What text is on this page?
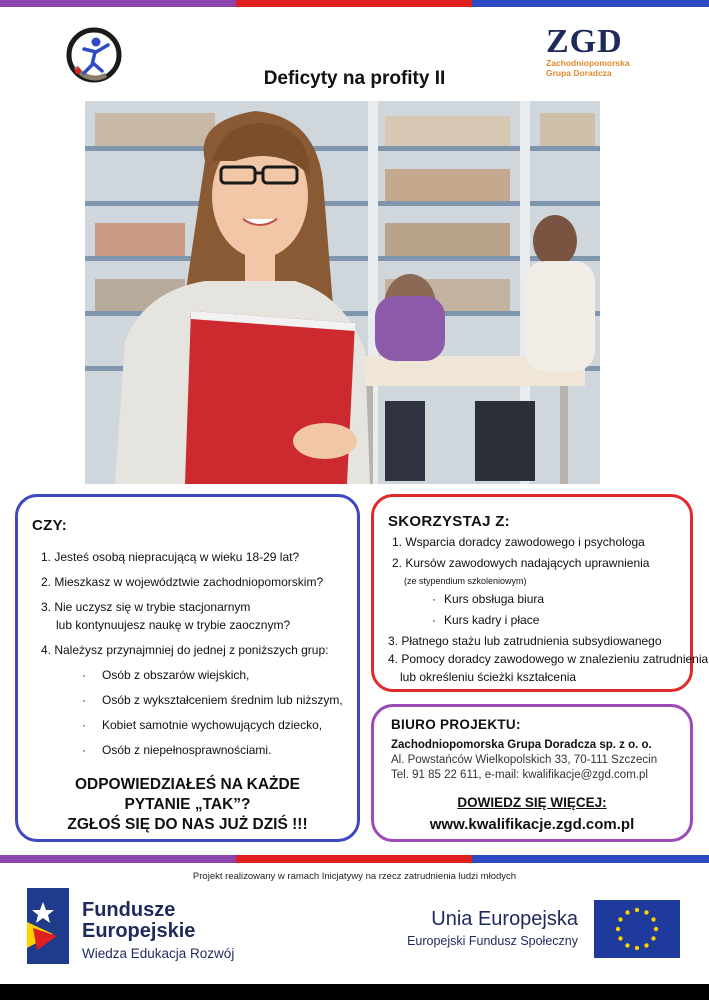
ZGD
Zachodniopomorska
Grupa Doradcza
Deficyty na profity II
CZY:
1. Jesteś osobą niepracującą w wieku 18-29 lat?
2. Mieszkasz w województwie zachodniopomorskim?
3. Nie uczysz się w trybie stacjonarnym
lub kontynuujesz naukę w trybie zaocznym?
4. Należysz przynajmniej do jednej z poniższych grup:
· Osób z obszarów wiejskich,
· Osób z wykształceniem średnim lub niższym,
· Kobiet samotnie wychowujących dziecko,
· Osób z niepełnosprawnościami.
ODPOWIEDZIAŁEŚ NA KAŻDE
PYTANIE „TAK”?
ZGŁOŚ SIĘ DO NAS JUŻ DZIŚ !!!
SKORZYSTAJ Z:
1. Wsparcia doradcy zawodowego i psychologa
2. Kursów zawodowych nadających uprawnienia
(ze stypendium szkoleniowym)
· Kurs obsługa biura
· Kurs kadry i płace
3. Płatnego stażu lub zatrudnienia subsydiowanego
4. Pomocy doradcy zawodowego w znalezieniu zatrudnienia
lub określeniu ścieżki kształcenia
BIURO PROJEKTU:
Zachodniopomorska Grupa Doradcza sp. z o. o.
Al. Powstańców Wielkopolskich 33, 70-111 Szczecin
Tel. 91 85 22 611, e-mail: kwalifikacje@zgd.com.pl
DOWIEDZ SIĘ WIĘCEJ:
www.kwalifikacje.zgd.com.pl
Projekt realizowany w ramach Inicjatywy na rzecz zatrudnienia ludzi młodych
Fundusze
Europejskie
Wiedza Edukacja Rozwój
Unia Europejska
Europejski Fundusz Społeczny
